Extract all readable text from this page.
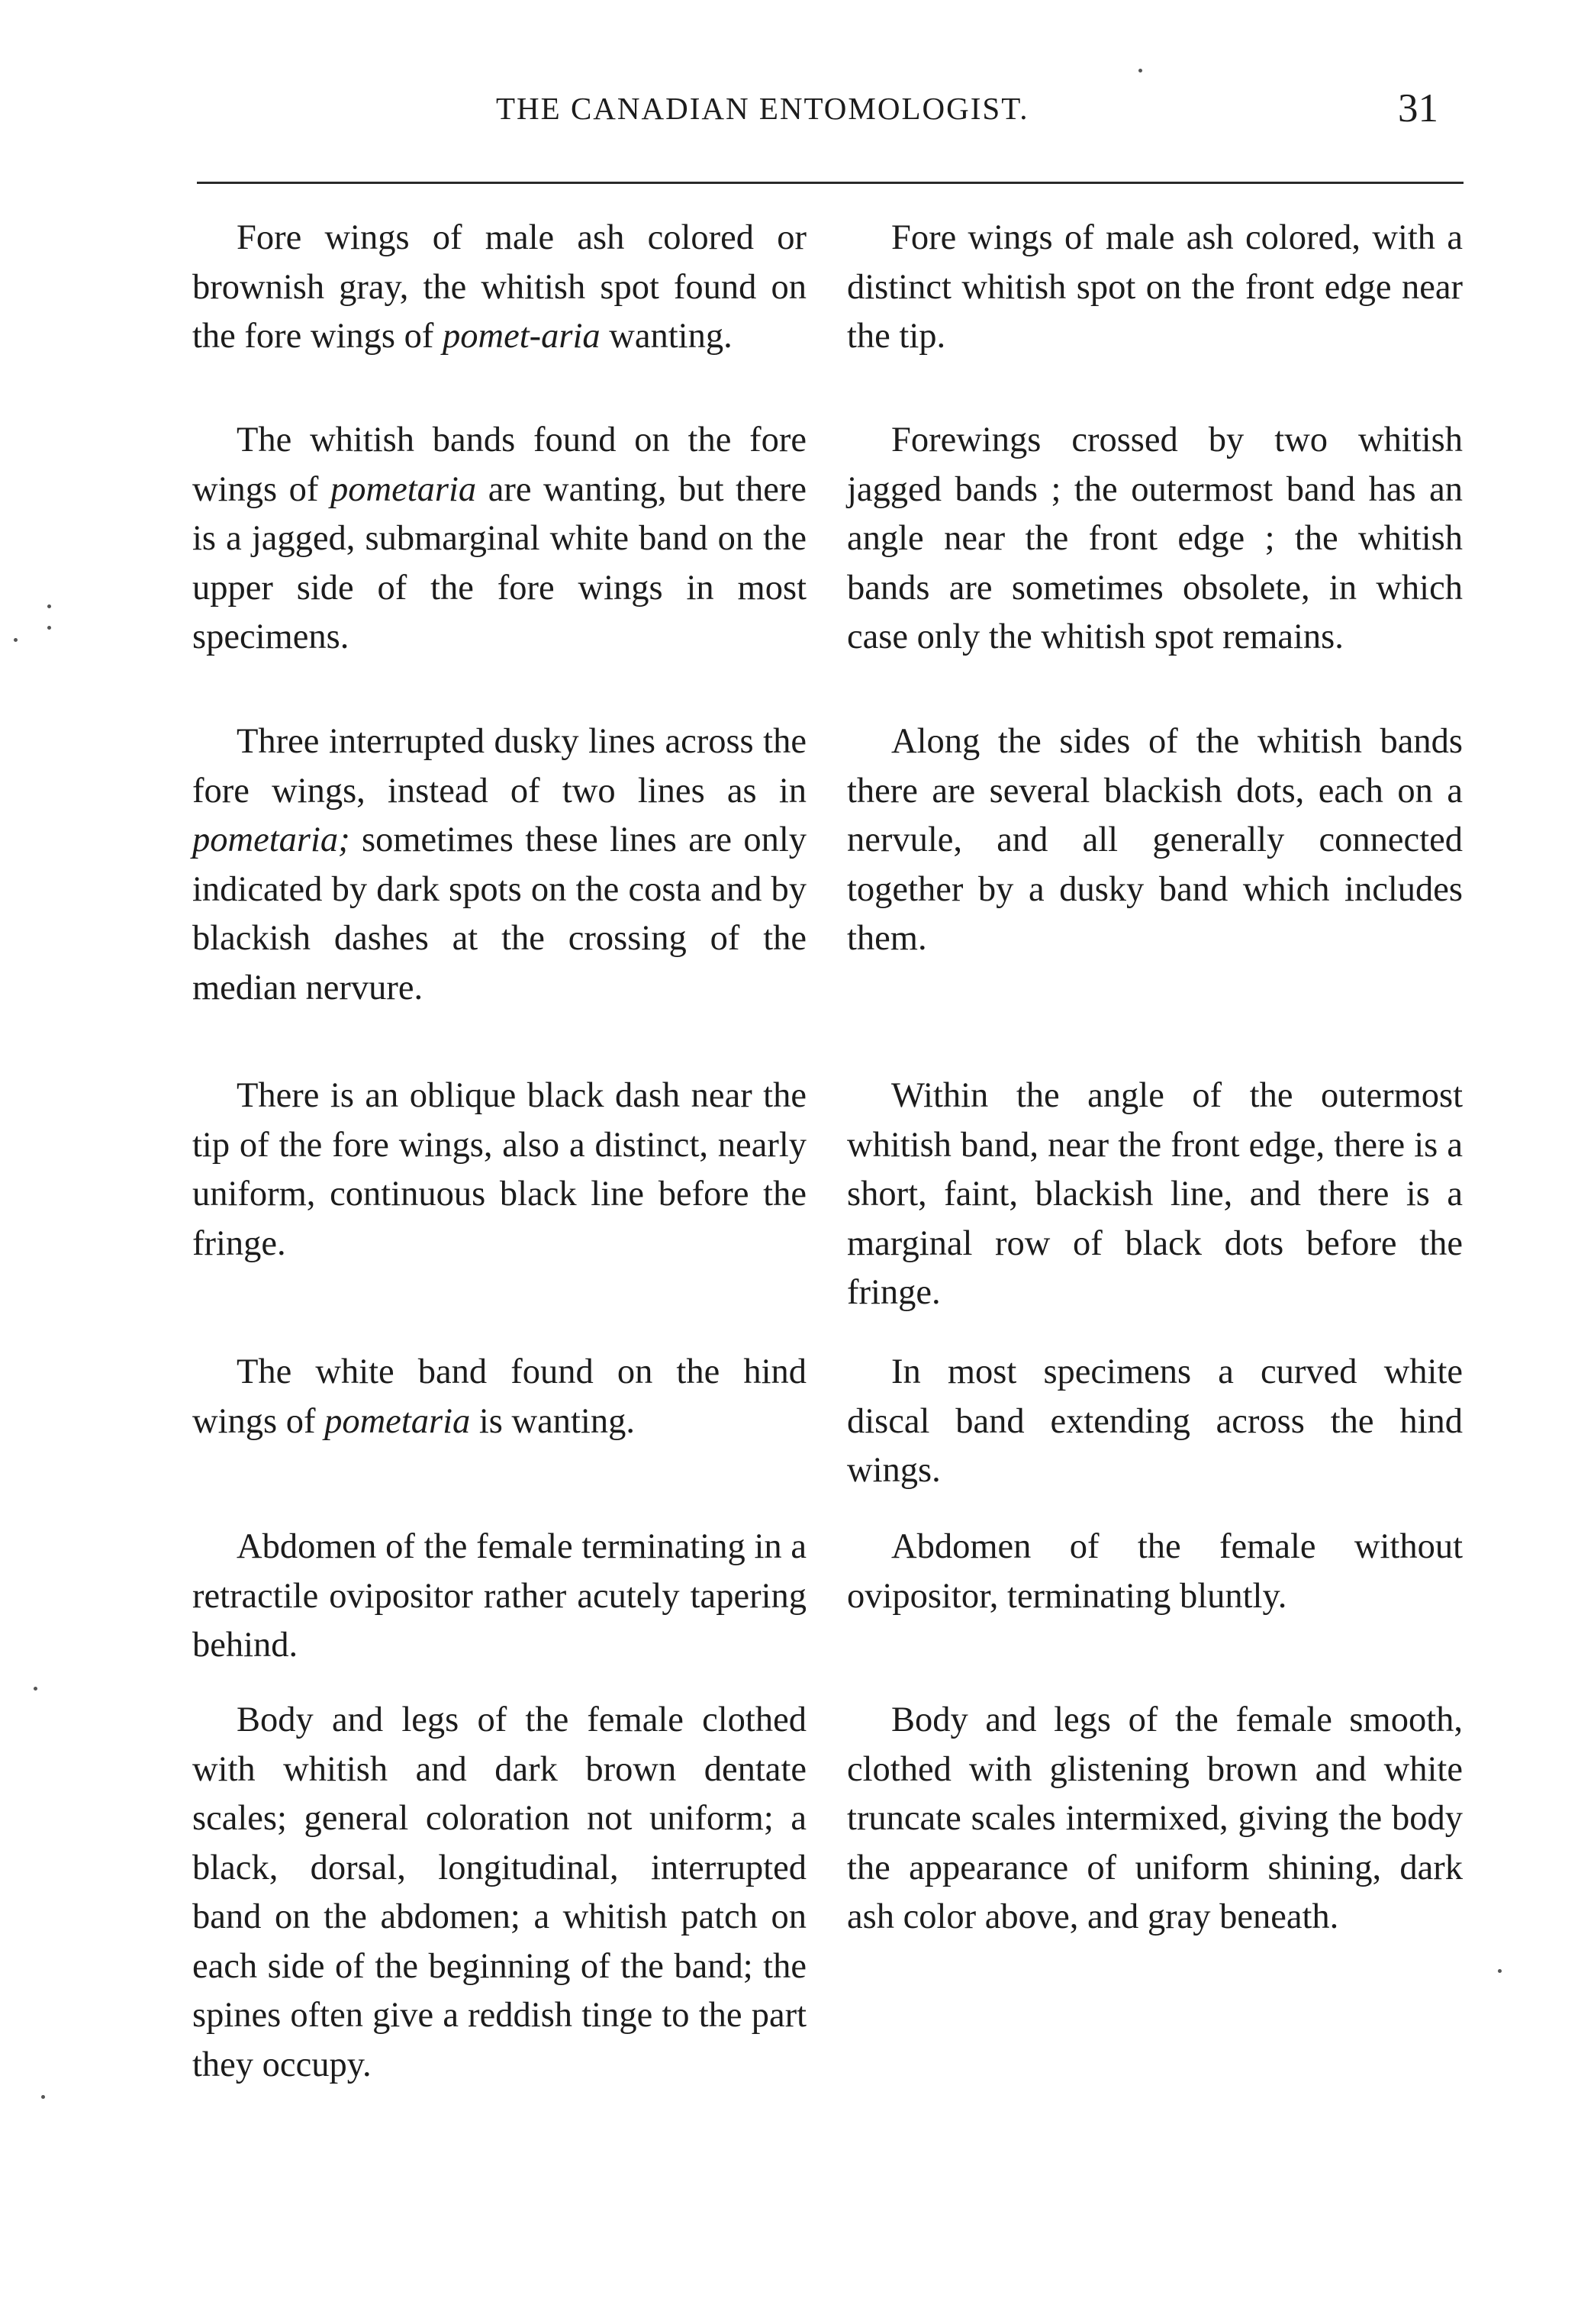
THE CANADIAN ENTOMOLOGIST.	31

Fore wings of male ash colored or brownish gray, the whitish spot found on the fore wings of pomet-aria wanting.

The whitish bands found on the fore wings of pometaria are wanting, but there is a jagged, submarginal white band on the upper side of the fore wings in most specimens.

Three interrupted dusky lines across the fore wings, instead of two lines as in pometaria; sometimes these lines are only indicated by dark spots on the costa and by blackish dashes at the crossing of the median nervure.

There is an oblique black dash near the tip of the fore wings, also a distinct, nearly uniform, continuous black line before the fringe.

The white band found on the hind wings of pometaria is wanting.

Abdomen of the female terminating in a retractile ovipositor rather acutely tapering behind.

Body and legs of the female clothed with whitish and dark brown dentate scales; general coloration not uniform; a black, dorsal, longitudinal, interrupted band on the abdomen; a whitish patch on each side of the beginning of the band; the spines often give a reddish tinge to the part they occupy.

Fore wings of male ash colored, with a distinct whitish spot on the front edge near the tip.

Forewings crossed by two whitish jagged bands ; the outermost band has an angle near the front edge ; the whitish bands are sometimes obsolete, in which case only the whitish spot remains.

Along the sides of the whitish bands there are several blackish dots, each on a nervule, and all generally connected together by a dusky band which includes them.

Within the angle of the outermost whitish band, near the front edge, there is a short, faint, blackish line, and there is a marginal row of black dots before the fringe.

In most specimens a curved white discal band extending across the hind wings.

Abdomen of the female without ovipositor, terminating bluntly.

Body and legs of the female smooth, clothed with glistening brown and white truncate scales intermixed, giving the body the appearance of uniform shining, dark ash color above, and gray beneath.
